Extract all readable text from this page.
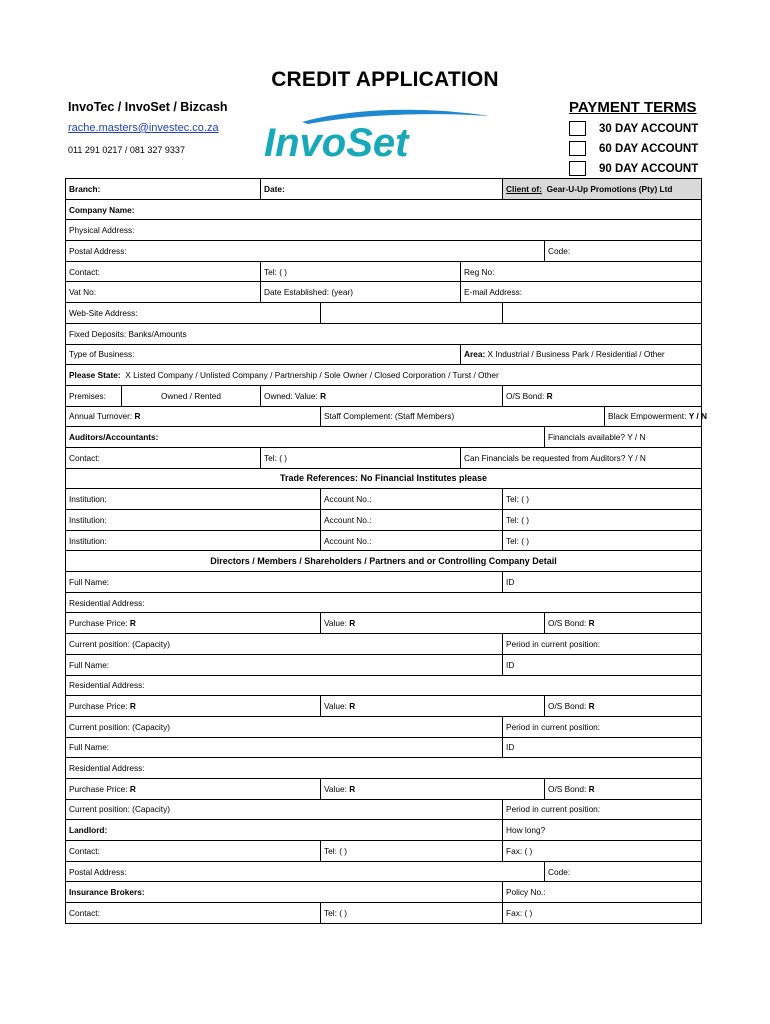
CREDIT APPLICATION
InvoTec / InvoSet / Bizcash
rache.masters@investec.co.za
011 291 0217 / 081 327 9337 InvoSet
PAYMENT TERMS
30 DAY ACCOUNT
60 DAY ACCOUNT
90 DAY ACCOUNT
Branch:		Date:			Client of: Gear-U-Up Promotions (Pty) Ltd		
Company Name:							
Physical Address:							
Postal Address:						Code:	
Contact:		Tel: ( )		Reg No:			
Vat No:		Date Established: (year)		E-mail Address:			
Web-Site Address:							
Fixed Deposits: Banks/Amounts							
Type of Business:				Area: X Industrial / Business Park / Residential / Other			
Please State: X Listed Company / Unlisted Company / Partnership / Sole Owner / Closed Corporation / Turst / Other							
Premises:	Owned / Rented	Owned: Value: R			O/S Bond: R		
Annual Turnover: R			Staff Complement: (Staff Members)				Black Empowerment: Y / N
Auditors/Accountants:						Financials available? Y / N	
Contact:		Tel: ( )		Can Financials be requested from Auditors? Y / N			
Trade References: No Financial Institutes please							
Institution:			Account No.:		Tel: ( )		
Institution:			Account No.:		Tel: ( )		
Institution:			Account No.:		Tel: ( )		
Directors / Members / Shareholders / Partners and or Controlling Company Detail							
Full Name:					ID		
Residential Address:							
Purchase Price: R			Value: R			O/S Bond: R	
Current position: (Capacity)					Period in current position:		
Full Name:					ID		
Residential Address:							
Purchase Price: R			Value: R			O/S Bond: R	
Current position: (Capacity)					Period in current position:		
Full Name:					ID		
Residential Address:							
Purchase Price: R			Value: R			O/S Bond: R	
Current position: (Capacity)					Period in current position:		
Landlord:					How long?		
Contact:			Tel: ( )		Fax: ( )		
Postal Address:						Code:	
Insurance Brokers:					Policy No.:		
Contact:			Tel: ( )		Fax: ( )		
